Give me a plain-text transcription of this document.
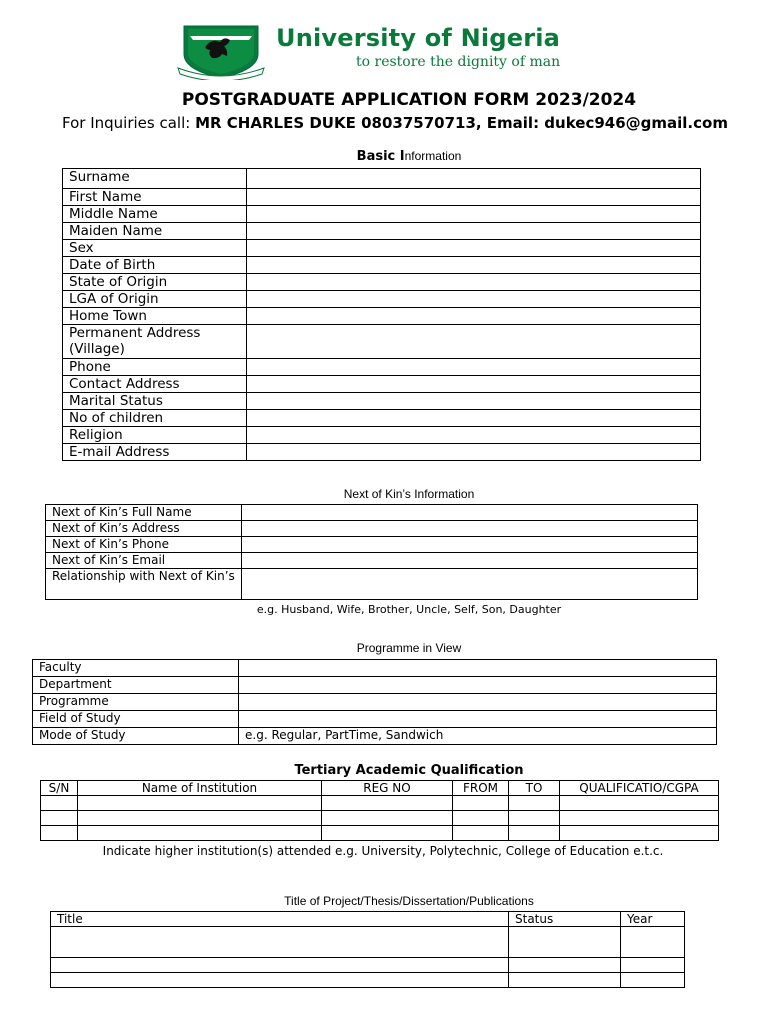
University of Nigeria
to restore the dignity of man
POSTGRADUATE APPLICATION FORM 2023/2024
For Inquiries call: MR CHARLES DUKE 08037570713, Email: dukec946@gmail.com
Basic Information
Surname	
First Name	
Middle Name	
Maiden Name	
Sex	
Date of Birth	
State of Origin	
LGA of Origin	
Home Town	
Permanent Address (Village)	
Phone	
Contact Address	
Marital Status	
No of children	
Religion	
E-mail Address	
Next of Kin’s Information
Next of Kin’s Full Name	
Next of Kin’s Address	
Next of Kin’s Phone	
Next of Kin’s Email	
Relationship with Next of Kin’s	
e.g. Husband, Wife, Brother, Uncle, Self, Son, Daughter
Programme in View
Faculty	
Department	
Programme	
Field of Study	
Mode of Study	e.g. Regular, PartTime, Sandwich
Tertiary Academic Qualification
S/N	Name of Institution	REG NO	FROM	TO	QUALIFICATIO/CGPA

Indicate higher institution(s) attended e.g. University, Polytechnic, College of Education e.t.c.
Title of Project/Thesis/Dissertation/Publications
Title	Status	Year
